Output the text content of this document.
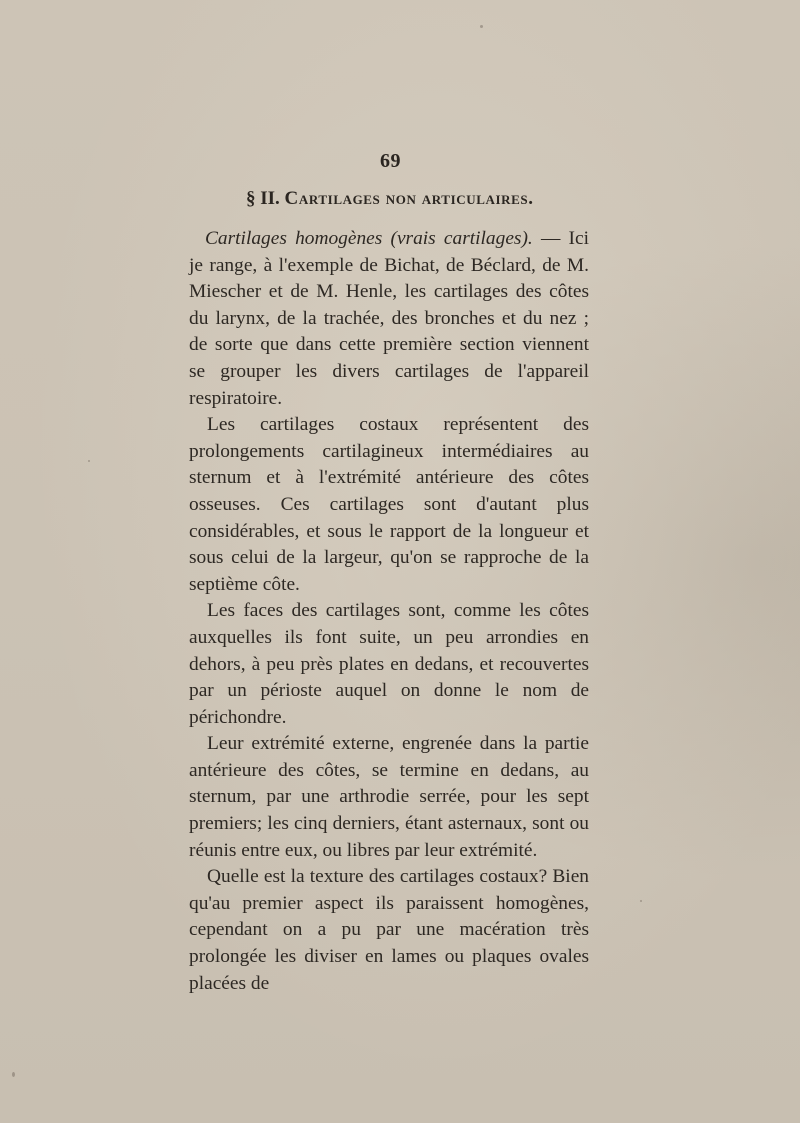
69
§ II. Cartilages non articulaires.

Cartilages homogènes (vrais cartilages). — Ici je range, à l'exemple de Bichat, de Béclard, de M. Miescher et de M. Henle, les cartilages des côtes du larynx, de la trachée, des bronches et du nez ; de sorte que dans cette première section viennent se grouper les divers cartilages de l'appareil respiratoire.

Les cartilages costaux représentent des prolongements cartilagineux intermédiaires au sternum et à l'extrémité antérieure des côtes osseuses. Ces cartilages sont d'autant plus considérables, et sous le rapport de la longueur et sous celui de la largeur, qu'on se rapproche de la septième côte.

Les faces des cartilages sont, comme les côtes auxquelles ils font suite, un peu arrondies en dehors, à peu près plates en dedans, et recouvertes par un périoste auquel on donne le nom de périchondre.

Leur extrémité externe, engrenée dans la partie antérieure des côtes, se termine en dedans, au sternum, par une arthrodie serrée, pour les sept premiers; les cinq derniers, étant asternaux, sont ou réunis entre eux, ou libres par leur extrémité.

Quelle est la texture des cartilages costaux? Bien qu'au premier aspect ils paraissent homogènes, cependant on a pu par une macération très prolongée les diviser en lames ou plaques ovales placées de
